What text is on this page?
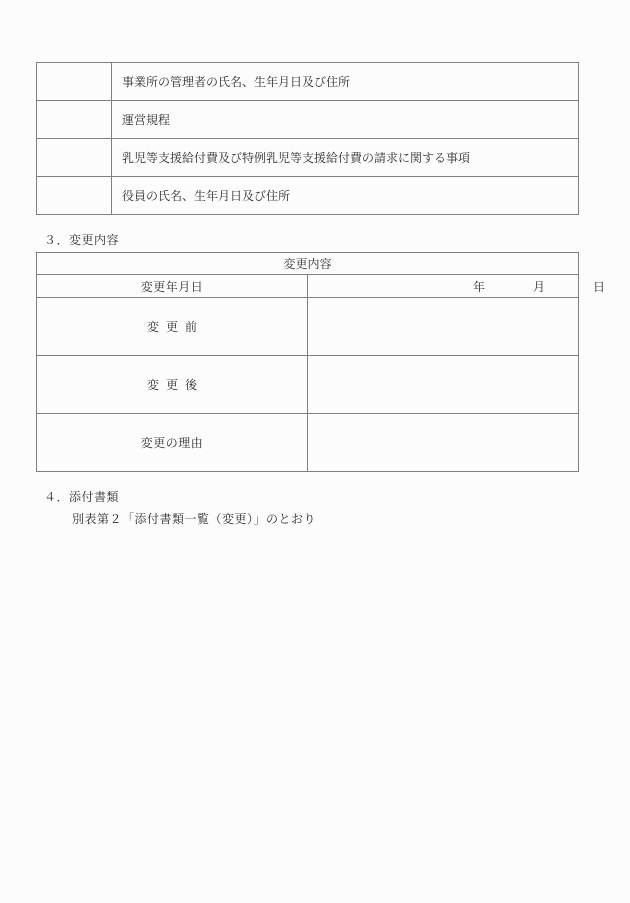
	事業所の管理者の氏名、生年月日及び住所
	運営規程
	乳児等支援給付費及び特例乳児等支援給付費の請求に関する事項
	役員の氏名、生年月日及び住所
３．変更内容
変更内容	
変更年月日	年 月 日

変更前	
変更後	
変更の理由	
４．添付書類
別表第２「添付書類一覧（変更）」のとおり
